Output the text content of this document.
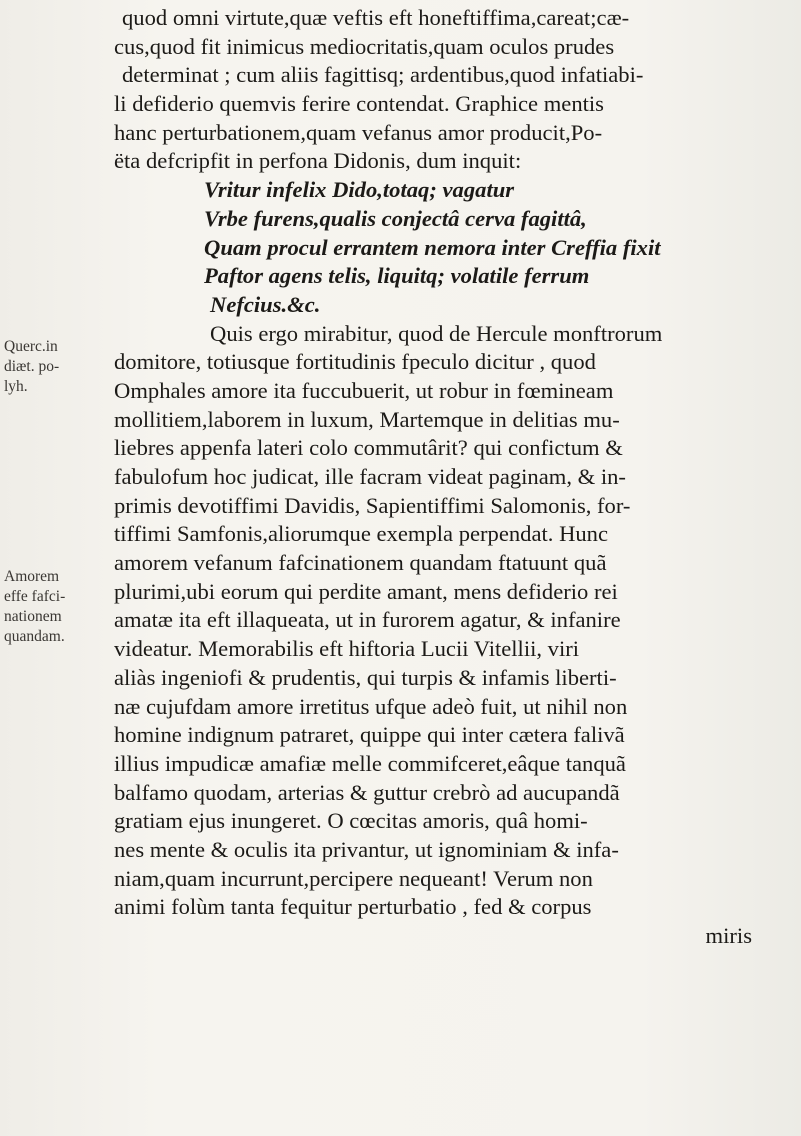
Querc.in
diæt. po-
lyh.
Amorem
effe fafci-
nationem
quandam.
quod omni virtute,quæ veftis eft honeftiffima,careat;cæ-
cus,quod fit inimicus mediocritatis,quam oculos prudes
determinat ; cum aliis fagittisq; ardentibus,quod infatiabi-
li defiderio quemvis ferire contendat. Graphice mentis
hanc perturbationem,quam vefanus amor producit,Po-
ëta defcripfit in perfona Didonis, dum inquit:
Vritur infelix Dido,totaq; vagatur
Vrbe furens,qualis conjectâ cerva fagittâ,
Quam procul errantem nemora inter Creffia fixit
Paftor agens telis, liquitq; volatile ferrum
Nefcius.&c.
Quis ergo mirabitur, quod de Hercule monftrorum
domitore, totiusque fortitudinis fpeculo dicitur , quod
Omphales amore ita fuccubuerit, ut robur in fœmineam
mollitiem,laborem in luxum, Martemque in delitias mu-
liebres appenfa lateri colo commutârit? qui confictum &
fabulofum hoc judicat, ille facram videat paginam, & in-
primis devotiffimi Davidis, Sapientiffimi Salomonis, for-
tiffimi Samfonis,aliorumque exempla perpendat. Hunc
amorem vefanum fafcinationem quandam ftatuunt quã
plurimi,ubi eorum qui perdite amant, mens defiderio rei
amatæ ita eft illaqueata, ut in furorem agatur, & infanire
videatur. Memorabilis eft hiftoria Lucii Vitellii, viri
aliàs ingeniofi & prudentis, qui turpis & infamis liberti-
næ cujufdam amore irretitus ufque adeò fuit, ut nihil non
homine indignum patraret, quippe qui inter cætera falivã
illius impudicæ amafiæ melle commifceret,eâque tanquã
balfamo quodam, arterias & guttur crebrò ad aucupandã
gratiam ejus inungeret. O cœcitas amoris, quâ homi-
nes mente & oculis ita privantur, ut ignominiam & infa-
niam,quam incurrunt,percipere nequeant! Verum non
animi folùm tanta fequitur perturbatio , fed & corpus
miris
